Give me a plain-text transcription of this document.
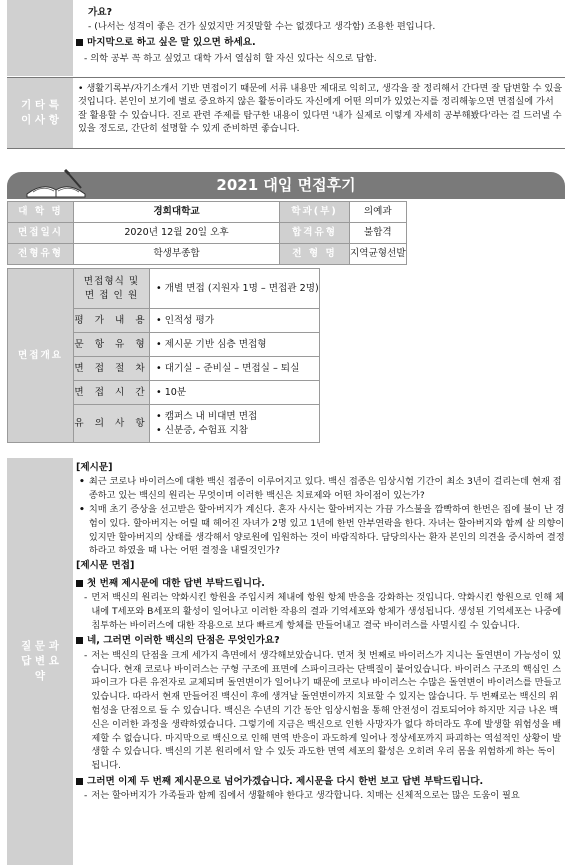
가요?
- (나서는 성격이 좋은 건가 싶었지만 거짓말할 수는 없겠다고 생각함) 조용한 편입니다.
마지막으로 하고 싶은 말 있으면 하세요.
- 의학 공부 꼭 하고 싶었고 대학 가서 열심히 할 자신 있다는 식으로 답함.
기 타 특 이 사 항
• 생활기록부/자기소개서 기반 면접이기 때문에 서류 내용만 제대로 익히고, 생각을 잘 정리해서 간다면 잘 답변할 수 있을 것입니다. 본인이 보기에 별로 중요하지 않은 활동이라도 자신에게 어떤 의미가 있었는지를 정리해놓으면 면접실에 가서 잘 활용할 수 있습니다. 진로 관련 주제를 탐구한 내용이 있다면 '내가 실제로 이렇게 자세히 공부해봤다'라는 걸 드러낼 수 있을 정도로, 간단히 설명할 수 있게 준비하면 좋습니다.
2021 대입 면접후기
대 학 명	경희대학교	학과(부)	의예과
면접일시	2020년 12월 20일 오후	합격유형	불합격
전형유형	학생부종합	전 형 명	지역균형선발
면접개요	면접형식 및
면 접 인 원	• 개별 면접 (지원자 1명 – 면접관 2명)
	평 가 내 용	• 인적성 평가
	문 항 유 형	• 제시문 기반 심층 면접형
	면 접 절 차	• 대기실 – 준비실 – 면접실 – 퇴실
	면 접 시 간	• 10분
	유 의 사 항	• 캠퍼스 내 비대면 면접
• 신분증, 수험표 지참
질 문 과 답 변 요 약
[제시문]
• 최근 코로나 바이러스에 대한 백신 접종이 이루어지고 있다. 백신 접종은 임상시험 기간이 최소 3년이 걸리는데 현재 접종하고 있는 백신의 원리는 무엇이며 이러한 백신은 치료제와 어떤 차이점이 있는가?
• 치매 초기 증상을 선고받은 할아버지가 계신다. 혼자 사시는 할아버지는 가끔 가스불을 깜빡하여 한번은 집에 불이 난 경험이 있다. 할아버지는 어릴 때 헤어진 자녀가 2명 있고 1년에 한번 안부연락을 한다. 자녀는 할아버지와 함께 살 의향이 있지만 할아버지의 상태를 생각해서 양로원에 입원하는 것이 바람직하다. 담당의사는 환자 본인의 의견을 중시하여 결정하라고 하였을 때 나는 어떤 결정을 내릴것인가?
[제시문 면접]
첫 번째 제시문에 대한 답변 부탁드립니다.
- 먼저 백신의 원리는 약화시킨 항원을 주입시켜 체내에 항원 항체 반응을 강화하는 것입니다. 약화시킨 항원으로 인해 체내에 T세포와 B세포의 활성이 일어나고 이러한 작용의 결과 기억세포와 항체가 생성됩니다. 생성된 기억세포는 나중에 침투하는 바이러스에 대한 작용으로 보다 빠르게 항체를 만들어내고 결국 바이러스를 사멸시킬 수 있습니다.
네, 그러면 이러한 백신의 단점은 무엇인가요?
- 저는 백신의 단점을 크게 세가지 측면에서 생각해보았습니다. 먼저 첫 번째로 바이러스가 지니는 돌연변이 가능성이 있습니다. 현재 코로나 바이러스는 구형 구조에 표면에 스파이크라는 단백질이 붙어있습니다. 바이러스 구조의 핵심인 스파이크가 다른 유전자로 교체되며 돌연변이가 일어나기 때문에 코로나 바이러스는 수많은 돌연변이 바이러스를 만들고 있습니다. 따라서 현재 만들어진 백신이 후에 생겨날 돌연변이까지 치료할 수 있지는 않습니다. 두 번째로는 백신의 위험성을 단점으로 들 수 있습니다. 백신은 수년의 기간 동안 임상시험을 통해 안전성이 검토되어야 하지만 지금 나온 백신은 이러한 과정을 생략하였습니다. 그렇기에 지금은 백신으로 인한 사망자가 없다 하더라도 후에 발생할 위험성을 배제할 수 없습니다. 마지막으로 백신으로 인해 면역 반응이 과도하게 일어나 정상세포까지 파괴하는 역설적인 상황이 발생할 수 있습니다. 백신의 기본 원리에서 알 수 있듯 과도한 면역 세포의 활성은 오히려 우리 몸을 위험하게 하는 독이 됩니다.
그러면 이제 두 번째 제시문으로 넘어가겠습니다. 제시문을 다시 한번 보고 답변 부탁드립니다.
- 저는 할아버지가 가족들과 함께 집에서 생활해야 한다고 생각합니다. 치매는 신체적으로는 많은 도움이 필요
